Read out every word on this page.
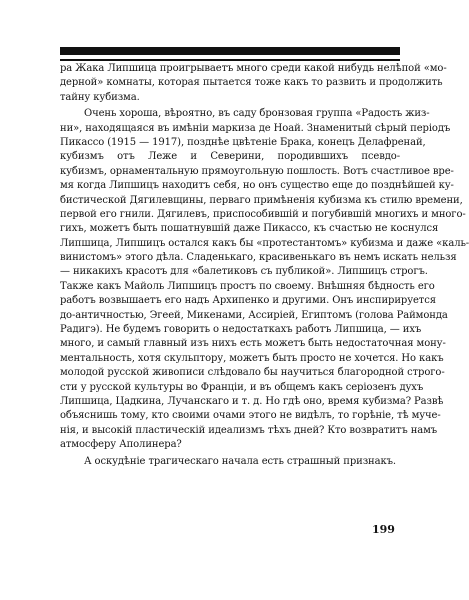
ра Жака Липшица проигрываетъ много среди какой нибудь нелѣпой «мо-
дерной» комнаты, которая пытается тоже какъ то развить и продолжить
тайну кубизма.
Очень хороша, вѣроятно, въ саду бронзовая группа «Радость жиз-
ни», находящаяся въ имѣніи маркиза де Ноай. Знаменитый сѣрый періодъ
Пикассо (1915 — 1917), позднѣе цвѣтеніе Брака, конецъ Делафренай,
кубизмъ отъ Леже и Северини, породившихъ псевдо-
кубизмъ, орнаментальную прямоугольную пошлость. Вотъ счастливое вре-
мя когда Липшицъ находитъ себя, но онъ существо еще до позднѣйшей ку-
бистической Дягилевщины, перваго примѣненія кубизма къ стилю времени,
первой его гнили. Дягилевъ, приспособившій и погубившій многихъ и много-
гихъ, можетъ быть пошатнувшій даже Пикассо, къ счастью не коснулся
Липшица, Липшицъ остался какъ бы «протестантомъ» кубизма и даже «каль-
винистомъ» этого дѣла. Сладенькаго, красивенькаго въ немъ искать нельзя
— никакихъ красотъ для «балетиковъ съ публикой». Липшицъ строгъ.
Также какъ Майоль Липшицъ простъ по своему. Внѣшняя бѣдность его
работъ возвышаетъ его надъ Архипенко и другими. Онъ инспирируется
до-античностью, Эгеей, Микенами, Ассиріей, Египтомъ (голова Раймонда
Радигэ). Не будемъ говорить о недостаткахъ работъ Липшица, — ихъ
много, и самый главный изъ нихъ есть можетъ быть недостаточная мону-
ментальность, хотя скульптору, можетъ быть просто не хочется. Но какъ
молодой русской живописи слѣдовало бы научиться благородной строго-
сти у русской культуры во Франціи, и въ общемъ какъ серіозенъ духъ
Липшица, Цадкина, Лучанскаго и т. д. Но гдѣ оно, время кубизма? Развѣ
объяснишь тому, кто своими очами этого не видѣлъ, то горѣніе, тѣ муче-
нія, и высокій пластическій идеализмъ тѣхъ дней? Кто возвратитъ намъ
атмосферу Аполинера?
А оскудѣніе трагическаго начала есть страшный признакъ.
199
